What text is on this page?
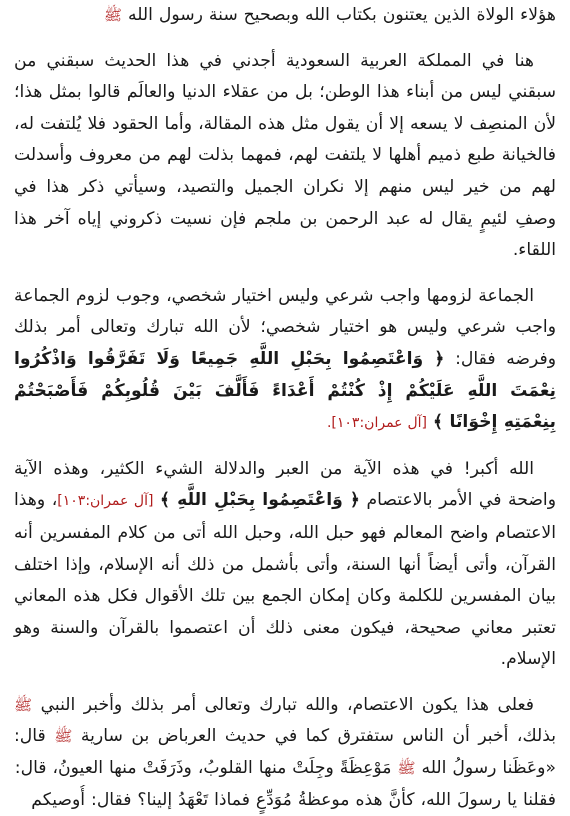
هؤلاء الولاة الذين يعتنون بكتاب الله وبصحيح سنة رسول الله ﷺ

هنا في المملكة العربية السعودية أجدني في هذا الحديث سبقني من سبقني ليس من أبناء هذا الوطن؛ بل من عقلاء الدنيا والعالَم قالوا بمثل هذا؛ لأن المنصِف لا يسعه إلا أن يقول مثل هذه المقالة، وأما الحقود فلا يُلتفت له، فالخيانة طبع ذميم أهلها لا يلتفت لهم، فمهما بذلت لهم من معروف وأسدلت لهم من خير ليس منهم إلا نكران الجميل والتصيد، وسيأتي ذكر هذا في وصفِ لئيمٍ يقال له عبد الرحمن بن ملجم فإن نسيت ذكروني إياه آخر هذا اللقاء.

الجماعة لزومها واجب شرعي وليس اختيار شخصي، وجوب لزوم الجماعة واجب شرعي وليس هو اختيار شخصي؛ لأن الله تبارك وتعالى أمر بذلك وفرضه فقال: ﴿ وَاعْتَصِمُوا بِحَبْلِ اللَّهِ جَمِيعًا وَلَا تَفَرَّقُوا وَاذْكُرُوا نِعْمَتَ اللَّهِ عَلَيْكُمْ إِذْ كُنْتُمْ أَعْدَاءً فَأَلَّفَ بَيْنَ قُلُوبِكُمْ فَأَصْبَحْتُمْ بِنِعْمَتِهِ إِخْوَانًا ﴾ [آل عمران:١٠٣].

الله أكبر! في هذه الآية من العبر والدلالة الشيء الكثير، وهذه الآية واضحة في الأمر بالاعتصام ﴿ وَاعْتَصِمُوا بِحَبْلِ اللَّهِ ﴾ [آل عمران:١٠٣]، وهذا الاعتصام واضح المعالم فهو حبل الله، وحبل الله أتى من كلام المفسرين أنه القرآن، وأتى أيضاً أنها السنة، وأتى بأشمل من ذلك أنه الإسلام، وإذا اختلف بيان المفسرين للكلمة وكان إمكان الجمع بين تلك الأقوال فكل هذه المعاني تعتبر معاني صحيحة، فيكون معنى ذلك أن اعتصموا بالقرآن والسنة وهو الإسلام.

فعلى هذا يكون الاعتصام، والله تبارك وتعالى أمر بذلك وأخبر النبي ﷺ بذلك، أخبر أن الناس ستفترق كما في حديث العرباض بن سارية ﷺ قال: «وعَظَنا رسولُ الله ﷺ مَوْعِظَةً وجِلَتْ منها القلوبُ، وذَرَفَتْ منها العيونُ، قال:

فقلنا يا رسولَ الله، كأنَّ هذه موعظةُ مُوَدِّعٍ فماذا تَعْهَدُ إلينا؟ فقال: أُوصيكم
